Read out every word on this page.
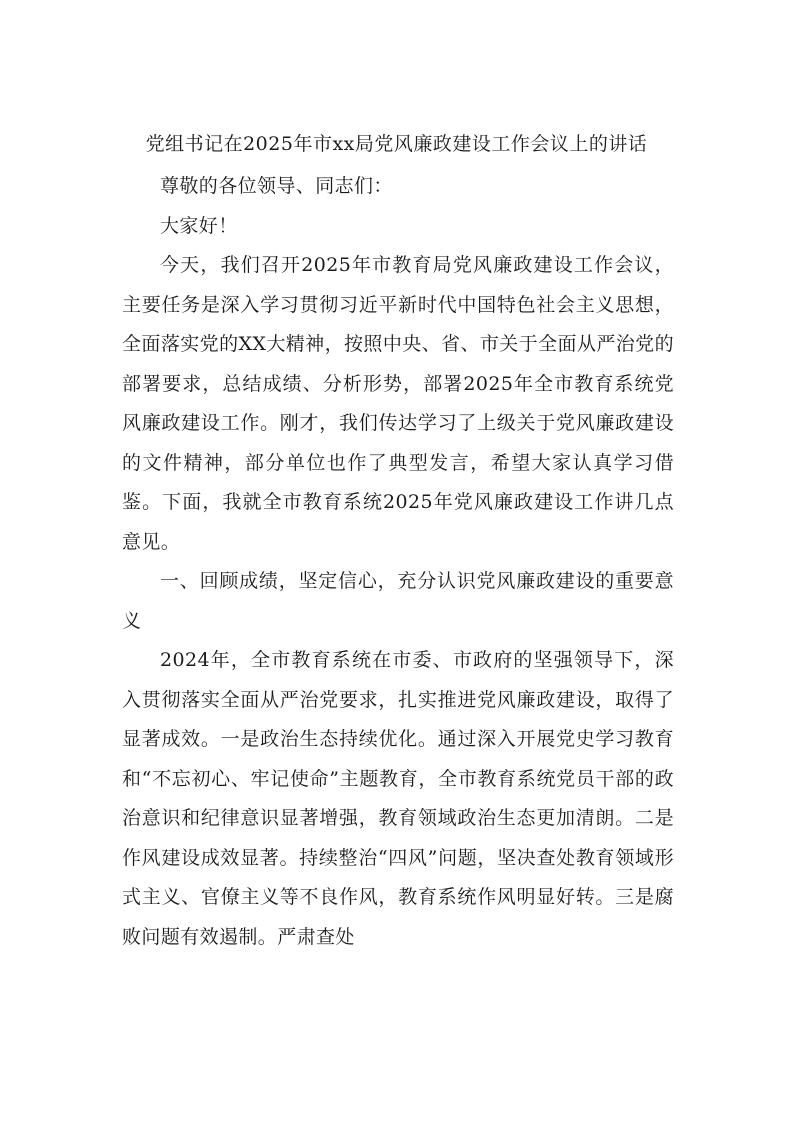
党组书记在2025年市xx局党风廉政建设工作会议上的讲话

尊敬的各位领导、同志们：

大家好！

今天，我们召开2025年市教育局党风廉政建设工作会议，主要任务是深入学习贯彻习近平新时代中国特色社会主义思想，全面落实党的XX大精神，按照中央、省、市关于全面从严治党的部署要求，总结成绩、分析形势，部署2025年全市教育系统党风廉政建设工作。刚才，我们传达学习了上级关于党风廉政建设的文件精神，部分单位也作了典型发言，希望大家认真学习借鉴。下面，我就全市教育系统2025年党风廉政建设工作讲几点意见。

一、回顾成绩，坚定信心，充分认识党风廉政建设的重要意义

2024年，全市教育系统在市委、市政府的坚强领导下，深入贯彻落实全面从严治党要求，扎实推进党风廉政建设，取得了显著成效。一是政治生态持续优化。通过深入开展党史学习教育和“不忘初心、牢记使命”主题教育，全市教育系统党员干部的政治意识和纪律意识显著增强，教育领域政治生态更加清朗。二是作风建设成效显著。持续整治“四风”问题，坚决查处教育领域形式主义、官僚主义等不良作风，教育系统作风明显好转。三是腐败问题有效遏制。严肃查处
